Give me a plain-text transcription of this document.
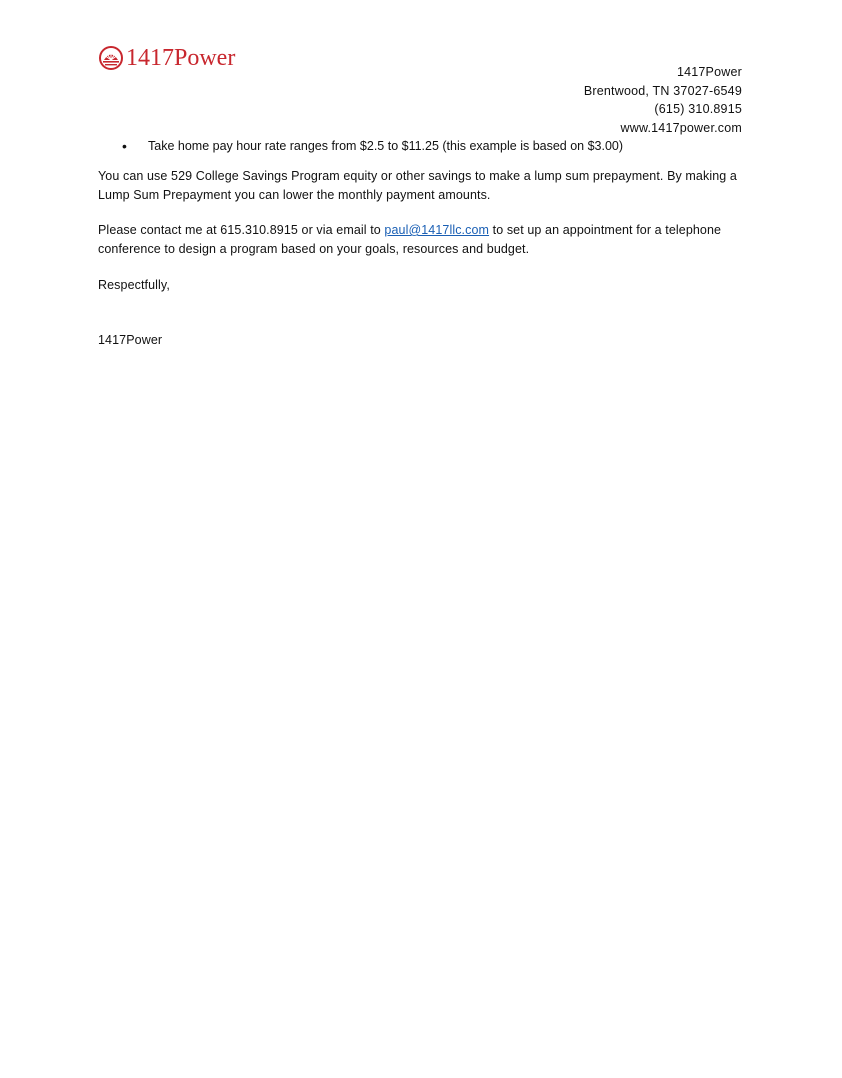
1417Power
1417Power
Brentwood, TN 37027-6549
(615) 310.8915
www.1417power.com
•	Take home pay hour rate ranges from $2.5 to $11.25 (this example is based on $3.00)
You can use 529 College Savings Program equity or other savings to make a lump sum prepayment. By making a Lump Sum Prepayment you can lower the monthly payment amounts.
Please contact me at 615.310.8915 or via email to paul@1417llc.com to set up an appointment for a telephone conference to design a program based on your goals, resources and budget.
Respectfully,
1417Power
